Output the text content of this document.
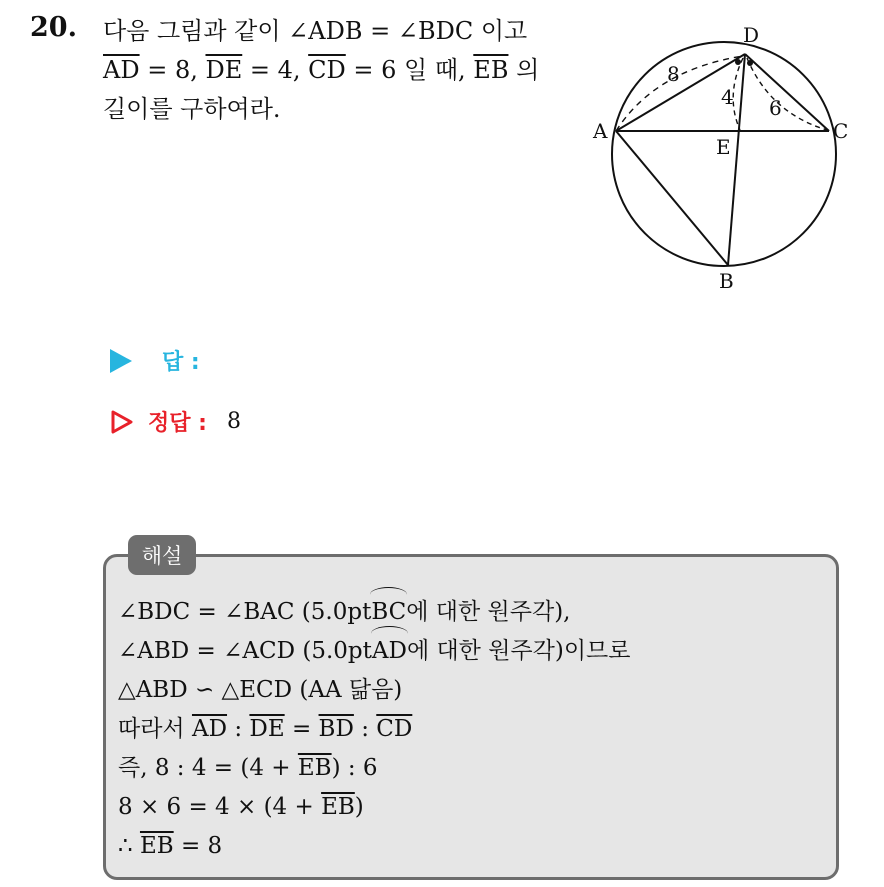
20. 다음 그림과 같이 ∠ADB = ∠BDC 이고
$\overline{AD} = 8$, $\overline{DE} = 4$, $\overline{CD} = 6$ 일 때, $\overline{EB}$ 의
길이를 구하여라.
D
A	C
E
B
8
4 6
답 :
정답 : 8
해설
∠BDC = ∠BAC (5.0ptBC에 대한 원주각),
∠ABD = ∠ACD (5.0ptAD에 대한 원주각)이므로
△ABD ∽ △ECD (AA 닮음)
따라서 $\overline{AD}$ : $\overline{DE} = \overline{BD}$ : $\overline{CD}$
즉, 8 : $4 = (4 + \overline{EB})$ : 6
$8 \times 6 = 4 \times (4 + \overline{EB})$
∴ $\overline{EB} = 8$
